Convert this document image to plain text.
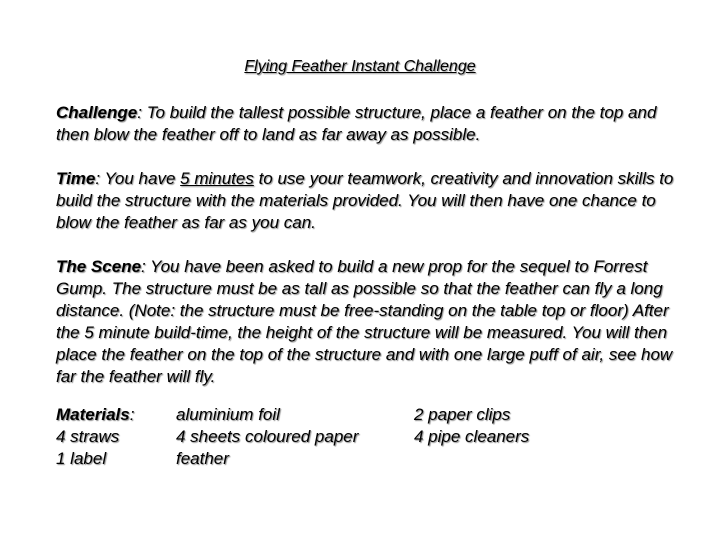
Flying Feather Instant Challenge
Challenge: To build the tallest possible structure, place a feather on the top and then blow the feather off to land as far away as possible.
Time: You have 5 minutes to use your teamwork, creativity and innovation skills to build the structure with the materials provided. You will then have one chance to blow the feather as far as you can.
The Scene: You have been asked to build a new prop for the sequel to Forrest Gump. The structure must be as tall as possible so that the feather can fly a long distance. (Note: the structure must be free-standing on the table top or floor) After the 5 minute build-time, the height of the structure will be measured. You will then place the feather on the top of the structure and with one large puff of air, see how far the feather will fly.
Materials:
4 straws
1 label
aluminium foil
4 sheets coloured paper
feather
2 paper clips
4 pipe cleaners
